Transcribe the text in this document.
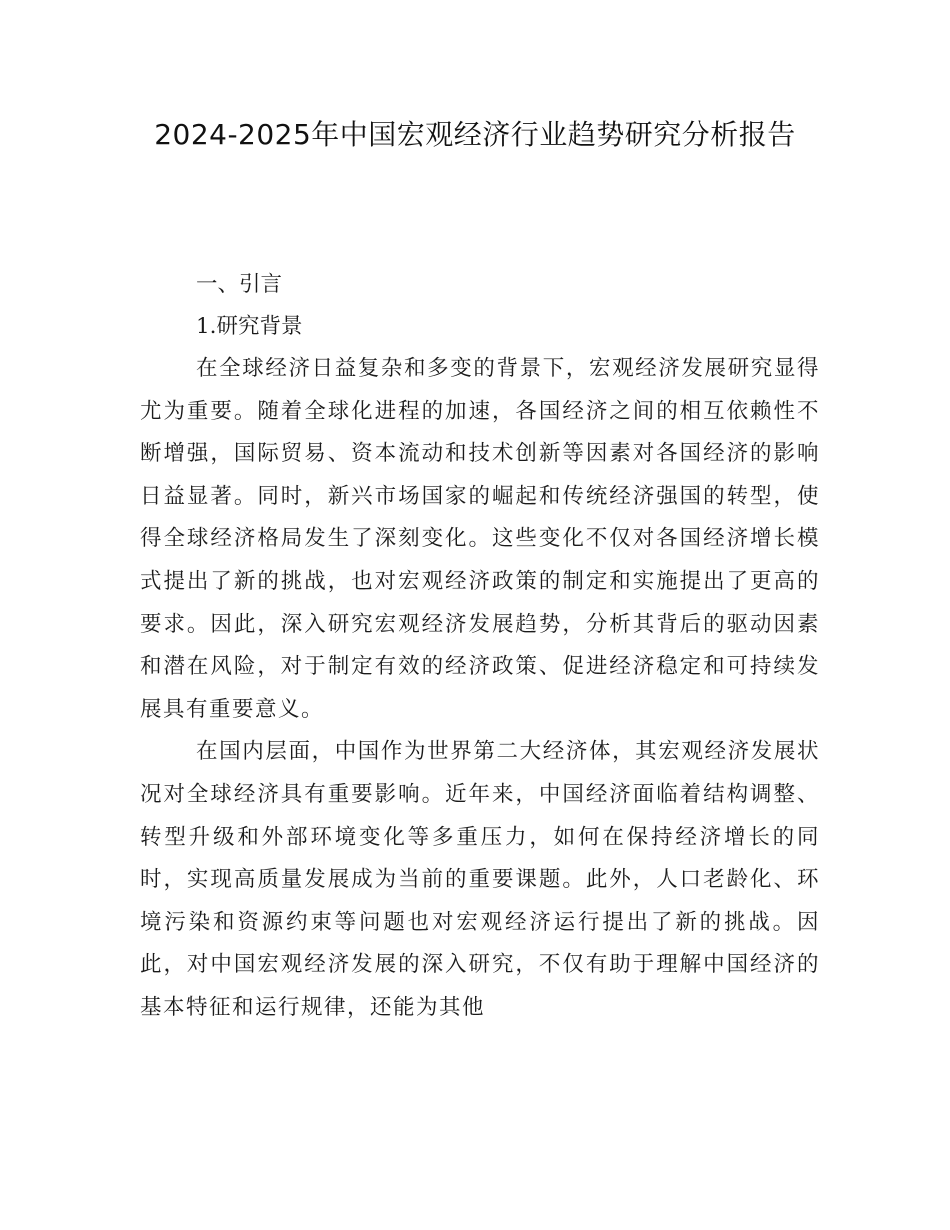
2024-2025年中国宏观经济行业趋势研究分析报告
一、引言
1.研究背景

在全球经济日益复杂和多变的背景下，宏观经济发展研究显得尤为重要。随着全球化进程的加速，各国经济之间的相互依赖性不断增强，国际贸易、资本流动和技术创新等因素对各国经济的影响日益显著。同时，新兴市场国家的崛起和传统经济强国的转型，使得全球经济格局发生了深刻变化。这些变化不仅对各国经济增长模式提出了新的挑战，也对宏观经济政策的制定和实施提出了更高的要求。因此，深入研究宏观经济发展趋势，分析其背后的驱动因素和潜在风险，对于制定有效的经济政策、促进经济稳定和可持续发展具有重要意义。

在国内层面，中国作为世界第二大经济体，其宏观经济发展状况对全球经济具有重要影响。近年来，中国经济面临着结构调整、转型升级和外部环境变化等多重压力，如何在保持经济增长的同时，实现高质量发展成为当前的重要课题。此外，人口老龄化、环境污染和资源约束等问题也对宏观经济运行提出了新的挑战。因此，对中国宏观经济发展的深入研究，不仅有助于理解中国经济的基本特征和运行规律，还能为其他
